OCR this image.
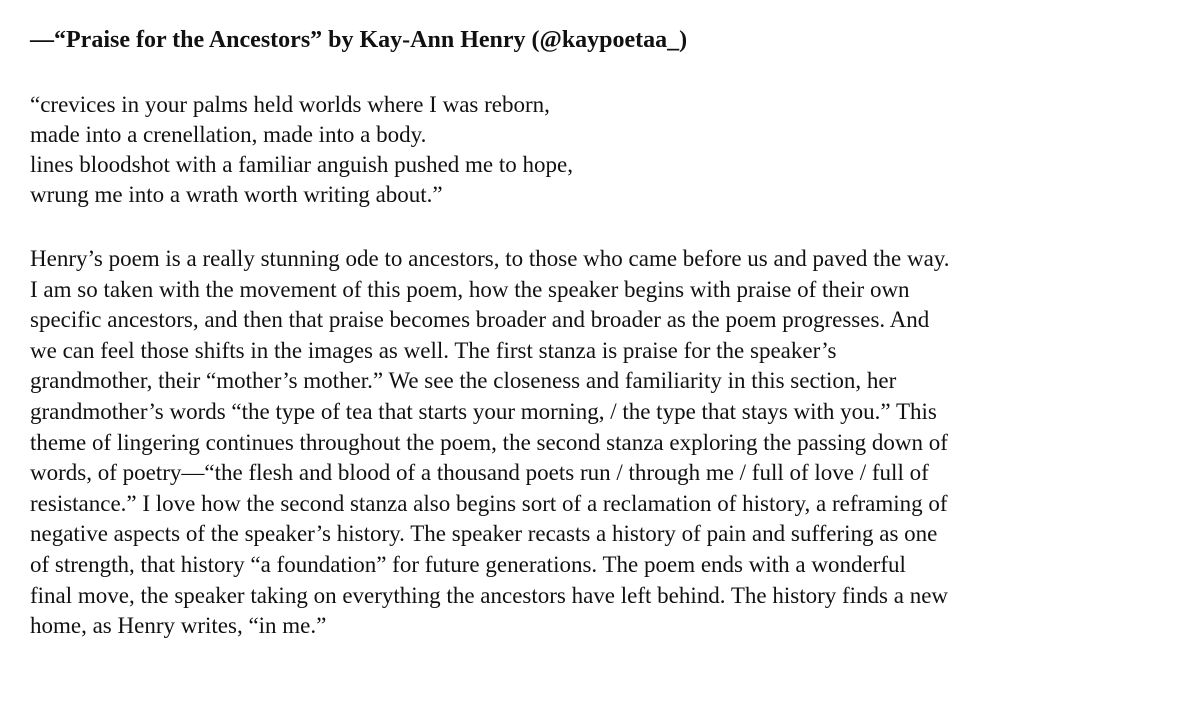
—“Praise for the Ancestors” by Kay-Ann Henry (@kaypoetaa_)
“crevices in your palms held worlds where I was reborn,
made into a crenellation, made into a body.
lines bloodshot with a familiar anguish pushed me to hope,
wrung me into a wrath worth writing about.”
Henry’s poem is a really stunning ode to ancestors, to those who came before us and paved the way.
I am so taken with the movement of this poem, how the speaker begins with praise of their own
specific ancestors, and then that praise becomes broader and broader as the poem progresses. And
we can feel those shifts in the images as well. The first stanza is praise for the speaker’s
grandmother, their “mother’s mother.” We see the closeness and familiarity in this section, her
grandmother’s words “the type of tea that starts your morning, / the type that stays with you.” This
theme of lingering continues throughout the poem, the second stanza exploring the passing down of
words, of poetry—“the flesh and blood of a thousand poets run / through me / full of love / full of
resistance.” I love how the second stanza also begins sort of a reclamation of history, a reframing of
negative aspects of the speaker’s history. The speaker recasts a history of pain and suffering as one
of strength, that history “a foundation” for future generations. The poem ends with a wonderful
final move, the speaker taking on everything the ancestors have left behind. The history finds a new
home, as Henry writes, “in me.”
